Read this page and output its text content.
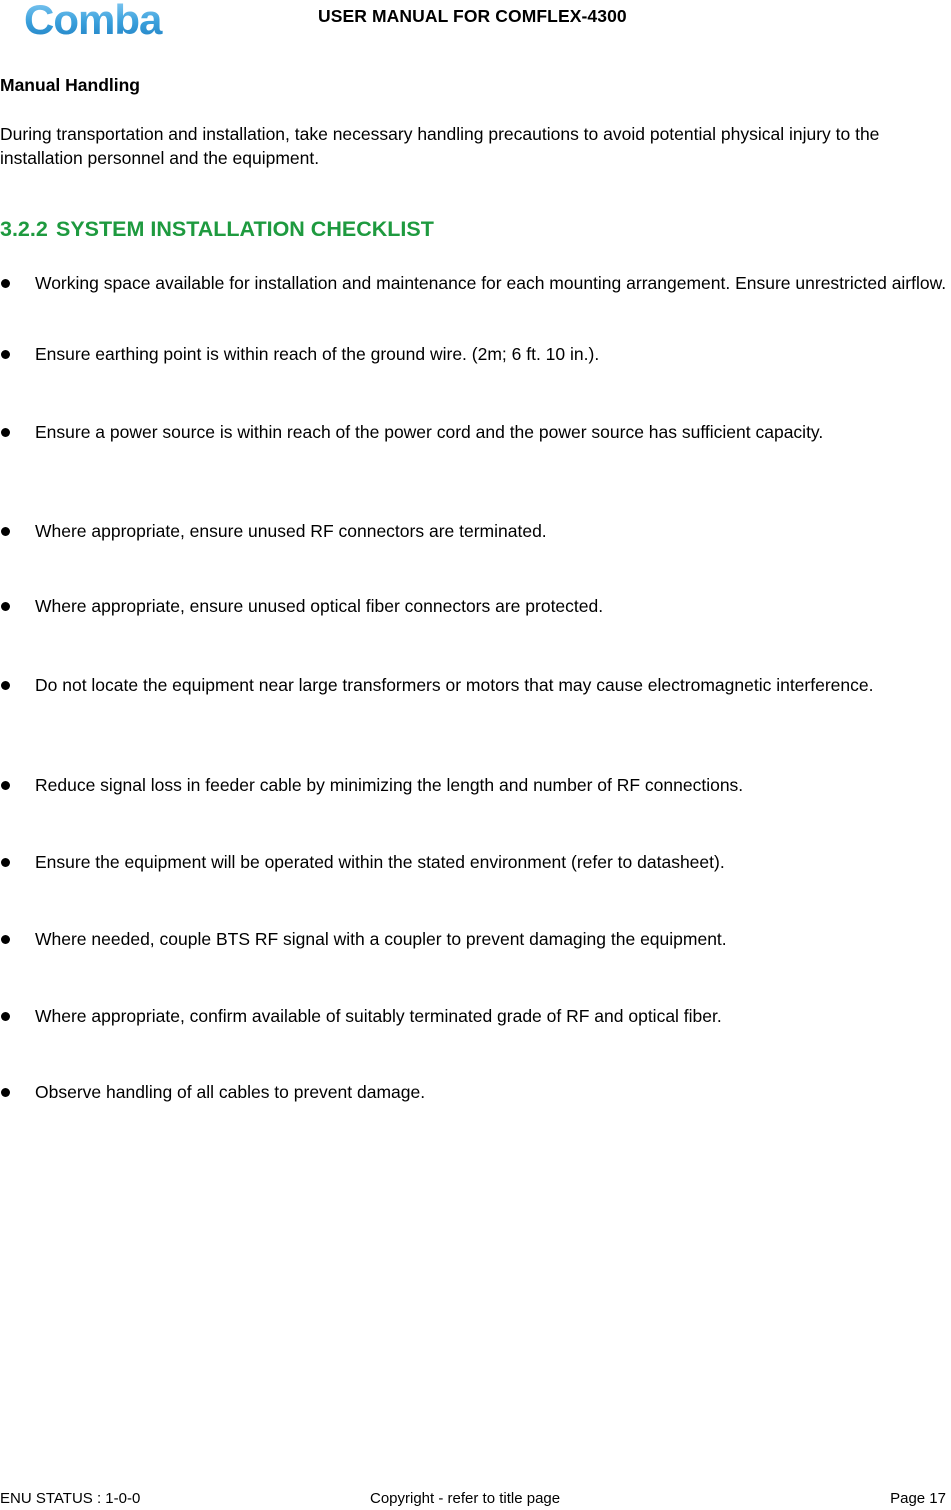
Comba	USER MANUAL FOR COMFLEX-4300
Manual Handling
During transportation and installation, take necessary handling precautions to avoid potential physical injury to the installation personnel and the equipment.
3.2.2 SYSTEM INSTALLATION CHECKLIST
Working space available for installation and maintenance for each mounting arrangement. Ensure unrestricted airflow.
Ensure earthing point is within reach of the ground wire. (2m; 6 ft. 10 in.).
Ensure a power source is within reach of the power cord and the power source has sufficient capacity.
Where appropriate, ensure unused RF connectors are terminated.
Where appropriate, ensure unused optical fiber connectors are protected.
Do not locate the equipment near large transformers or motors that may cause electromagnetic interference.
Reduce signal loss in feeder cable by minimizing the length and number of RF connections.
Ensure the equipment will be operated within the stated environment (refer to datasheet).
Where needed, couple BTS RF signal with a coupler to prevent damaging the equipment.
Where appropriate, confirm available of suitably terminated grade of RF and optical fiber.
Observe handling of all cables to prevent damage.
ENU STATUS : 1-0-0	Copyright - refer to title page	Page 17
